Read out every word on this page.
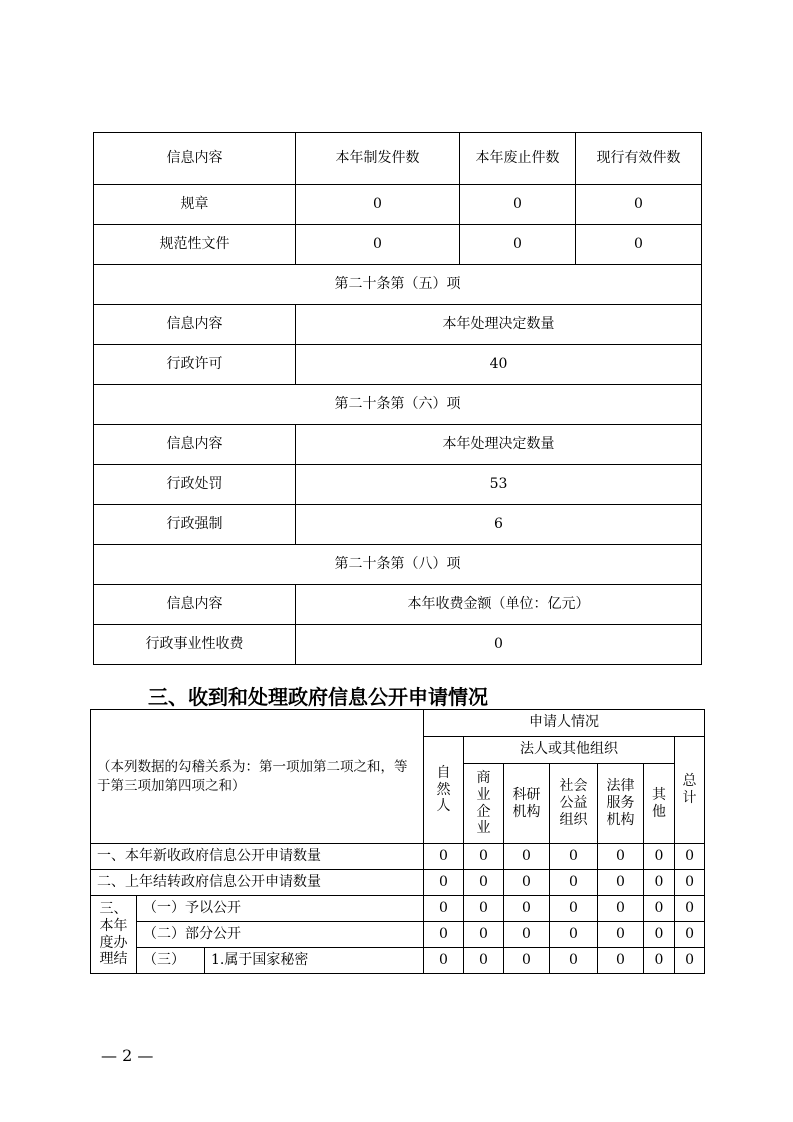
信息内容	本年制发件数	本年废止件数	现行有效件数
规章	0	0	0
规范性文件	0	0	0
第二十条第（五）项			
信息内容	本年处理决定数量		
行政许可	40		
第二十条第（六）项			
信息内容	本年处理决定数量		
行政处罚	53		
行政强制	6		
第二十条第（八）项			
信息内容	本年收费金额（单位：亿元）		
行政事业性收费	0		
三、收到和处理政府信息公开申请情况
（本列数据的勾稽关系为：第一项加第二项之和，等于第三项加第四项之和）			申请人情况						
			自然人	法人或其他组织					总计
				商业企业	科研机构	社会公益组织	法律服务机构	其他	
一、本年新收政府信息公开申请数量			0	0	0	0	0	0	0
二、上年结转政府信息公开申请数量			0	0	0	0	0	0	0
三、本年度办理结	（一）予以公开		0	0	0	0	0	0	0
	（二）部分公开		0	0	0	0	0	0	0
	（三）	1.属于国家秘密	0	0	0	0	0	0	0
— 2 —
